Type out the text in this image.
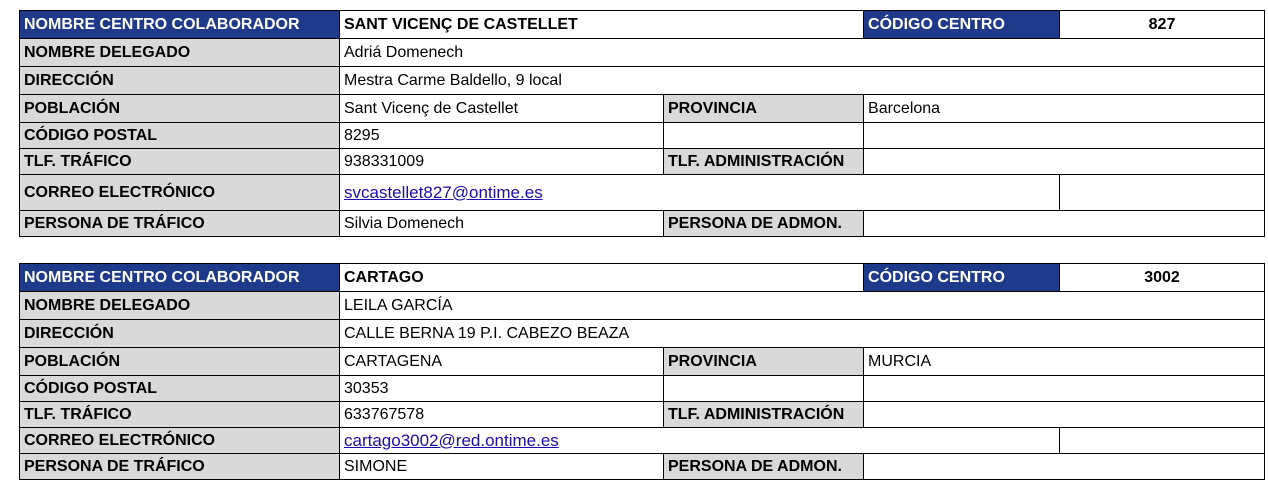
NOMBRE CENTRO COLABORADOR	SANT VICENÇ DE CASTELLET		CÓDIGO CENTRO	827
NOMBRE DELEGADO	Adriá Domenech			
DIRECCIÓN	Mestra Carme Baldello, 9 local			
POBLACIÓN	Sant Vicenç de Castellet	PROVINCIA	Barcelona	
CÓDIGO POSTAL	8295			
TLF. TRÁFICO	938331009	TLF. ADMINISTRACIÓN		
CORREO ELECTRÓNICO	svcastellet827@ontime.es			
PERSONA DE TRÁFICO	Silvia Domenech	PERSONA DE ADMON.		
NOMBRE CENTRO COLABORADOR	CARTAGO		CÓDIGO CENTRO	3002
NOMBRE DELEGADO	LEILA GARCÍA			
DIRECCIÓN	CALLE BERNA 19 P.I. CABEZO BEAZA			
POBLACIÓN	CARTAGENA	PROVINCIA	MURCIA	
CÓDIGO POSTAL	30353			
TLF. TRÁFICO	633767578	TLF. ADMINISTRACIÓN		
CORREO ELECTRÓNICO	cartago3002@red.ontime.es			
PERSONA DE TRÁFICO	SIMONE	PERSONA DE ADMON.		
